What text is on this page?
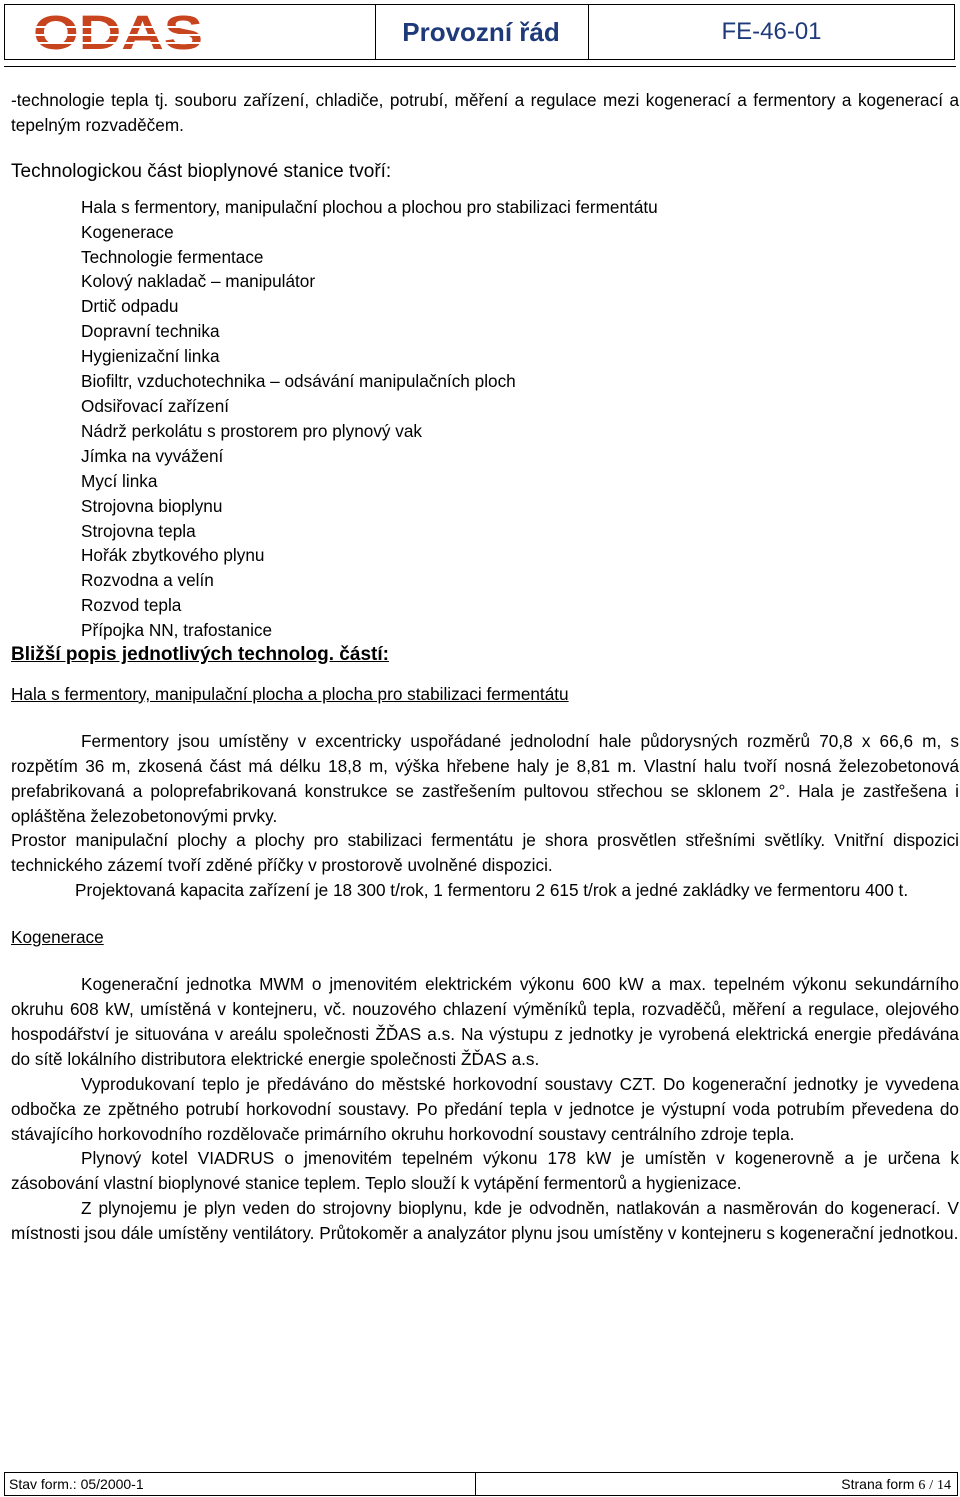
ODAS	Provozní řád	FE-46-01

-technologie tepla tj. souboru zařízení, chladiče, potrubí, měření a regulace mezi kogenerací a fermentory a kogenerací a tepelným rozvaděčem.

Technologickou část bioplynové stanice tvoří:

Hala s fermentory, manipulační plochou a plochou pro stabilizaci fermentátu
Kogenerace
Technologie fermentace
Kolový nakladač – manipulátor
Drtič odpadu
Dopravní technika
Hygienizační linka
Biofiltr, vzduchotechnika – odsávání manipulačních ploch
Odsiřovací zařízení
Nádrž perkolátu s prostorem pro plynový vak
Jímka na vyvážení
Mycí linka
Strojovna bioplynu
Strojovna tepla
Hořák zbytkového plynu
Rozvodna a velín
Rozvod tepla
Přípojka NN, trafostanice

Bližší popis jednotlivých technolog. částí:

Hala s fermentory, manipulační plocha a plocha pro stabilizaci fermentátu

Fermentory jsou umístěny v excentricky uspořádané jednolodní hale půdorysných rozměrů 70,8 x 66,6 m, s rozpětím 36 m, zkosená část má délku 18,8 m, výška hřebene haly je 8,81 m. Vlastní halu tvoří nosná železobetonová prefabrikovaná a poloprefabrikovaná konstrukce se zastřešením pultovou střechou se sklonem 2°. Hala je zastřešena i opláštěna železobetonovými prvky.

Prostor manipulační plochy a plochy pro stabilizaci fermentátu je shora prosvětlen střešními světlíky. Vnitřní dispozici technického zázemí tvoří zděné příčky v prostorově uvolněné dispozici.

Projektovaná kapacita zařízení je 18 300 t/rok, 1 fermentoru 2 615 t/rok a jedné zakládky ve fermentoru 400 t.

Kogenerace

Kogenerační jednotka MWM o jmenovitém elektrickém výkonu 600 kW a max. tepelném výkonu sekundárního okruhu 608 kW, umístěná v kontejneru, vč. nouzového chlazení výměníků tepla, rozvaděčů, měření a regulace, olejového hospodářství je situována v areálu společnosti ŽĎAS a.s. Na výstupu z jednotky je vyrobená elektrická energie předávána do sítě lokálního distributora elektrické energie společnosti ŽĎAS a.s.

Vyprodukovaní teplo je předáváno do městské horkovodní soustavy CZT. Do kogenerační jednotky je vyvedena odbočka ze zpětného potrubí horkovodní soustavy. Po předání tepla v jednotce je výstupní voda potrubím převedena do stávajícího horkovodního rozdělovače primárního okruhu horkovodní soustavy centrálního zdroje tepla.

Plynový kotel VIADRUS o jmenovitém tepelném výkonu 178 kW je umístěn v kogenerovně a je určena k zásobování vlastní bioplynové stanice teplem. Teplo slouží k vytápění fermentorů a hygienizace.

Z plynojemu je plyn veden do strojovny bioplynu, kde je odvodněn, natlakován a nasměrován do kogenerací. V místnosti jsou dále umístěny ventilátory. Průtokoměr a analyzátor plynu jsou umístěny v kontejneru s kogenerační jednotkou.

Stav form.: 05/2000-1	Strana form 6 / 14
